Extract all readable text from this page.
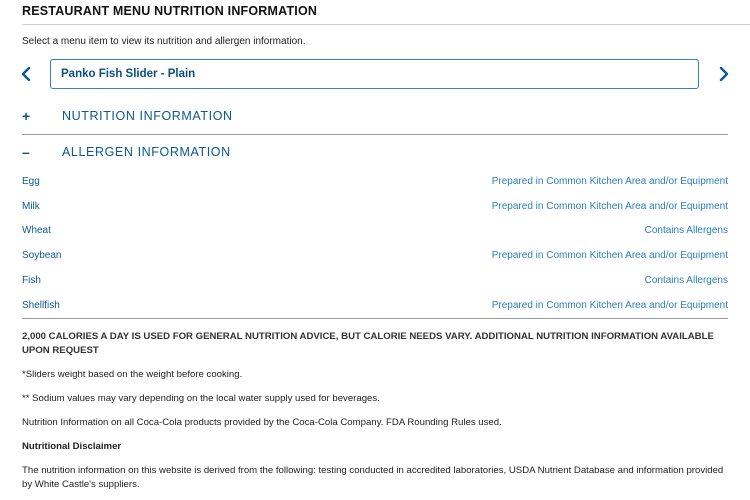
RESTAURANT MENU NUTRITION INFORMATION
Select a menu item to view its nutrition and allergen information.
Panko Fish Slider - Plain
+	NUTRITION INFORMATION
–	ALLERGEN INFORMATION
Egg	Prepared in Common Kitchen Area and/or Equipment
Milk	Prepared in Common Kitchen Area and/or Equipment
Wheat	Contains Allergens
Soybean	Prepared in Common Kitchen Area and/or Equipment
Fish	Contains Allergens
Shellfish	Prepared in Common Kitchen Area and/or Equipment

2,000 CALORIES A DAY IS USED FOR GENERAL NUTRITION ADVICE, BUT CALORIE NEEDS VARY. ADDITIONAL NUTRITION INFORMATION AVAILABLE UPON REQUEST

*Sliders weight based on the weight before cooking.

** Sodium values may vary depending on the local water supply used for beverages.

Nutrition Information on all Coca-Cola products provided by the Coca-Cola Company. FDA Rounding Rules used.

Nutritional Disclaimer

The nutrition information on this website is derived from the following: testing conducted in accredited laboratories, USDA Nutrient Database and information provided by White Castle's suppliers.
